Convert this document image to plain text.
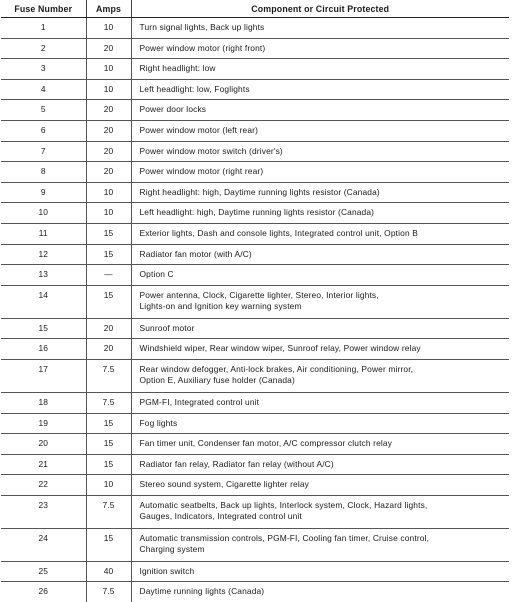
Fuse Number	Amps	Component or Circuit Protected
1	10	Turn signal lights, Back up lights
2	20	Power window motor (right front)
3	10	Right headlight: low
4	10	Left headlight: low, Foglights
5	20	Power door locks
6	20	Power window motor (left rear)
7	20	Power window motor switch (driver's)
8	20	Power window motor (right rear)
9	10	Right headlight: high, Daytime running lights resistor (Canada)
10	10	Left headlight: high, Daytime running lights resistor (Canada)
11	15	Exterior lights, Dash and console lights, Integrated control unit, Option B
12	15	Radiator fan motor (with A/C)
13	—	Option C
14	15	Power antenna, Clock, Cigarette lighter, Stereo, Interior lights,
Lights-on and Ignition key warning system
15	20	Sunroof motor
16	20	Windshield wiper, Rear window wiper, Sunroof relay, Power window relay
17	7.5	Rear window defogger, Anti-lock brakes, Air conditioning, Power mirror,
Option E, Auxiliary fuse holder (Canada)
18	7.5	PGM-FI, Integrated control unit
19	15	Fog lights
20	15	Fan timer unit, Condenser fan motor, A/C compressor clutch relay
21	15	Radiator fan relay, Radiator fan relay (without A/C)
22	10	Stereo sound system, Cigarette lighter relay
23	7.5	Automatic seatbelts, Back up lights, Interlock system, Clock, Hazard lights,
Gauges, Indicators, Integrated control unit
24	15	Automatic transmission controls, PGM-FI, Cooling fan timer, Cruise control,
Charging system
25	40	Ignition switch
26	7.5	Daytime running lights (Canada)
